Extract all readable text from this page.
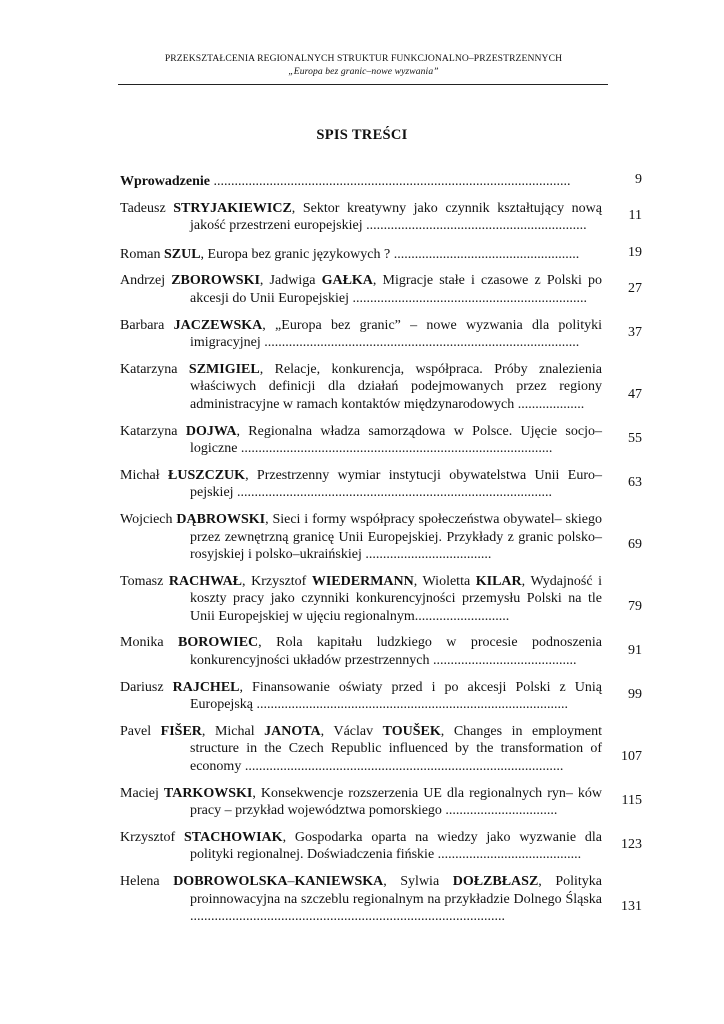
PRZEKSZTAŁCENIA REGIONALNYCH STRUKTUR FUNKCJONALNO–PRZESTRZENNYCH
„Europa bez granic–nowe wyzwania”
SPIS TREŚCI
Wprowadzenie ......................................................................................................	9
Tadeusz STRYJAKIEWICZ, Sektor kreatywny jako czynnik kształtujący nową jakość przestrzeni europejskiej ...............................................................
11
Roman SZUL, Europa bez granic językowych ? .....................................................	19
Andrzej ZBOROWSKI, Jadwiga GAŁKA, Migracje stałe i czasowe z Polski po akcesji do Unii Europejskiej ...................................................................
27
Barbara JACZEWSKA, „Europa bez granic” – nowe wyzwania dla polityki imigracyjnej ..........................................................................................
37
Katarzyna SZMIGIEL, Relacje, konkurencja, współpraca. Próby znalezienia właściwych definicji dla działań podejmowanych przez regiony administracyjne w ramach kontaktów międzynarodowych ...................
47
Katarzyna DOJWA, Regionalna władza samorządowa w Polsce. Ujęcie socjo– logiczne .........................................................................................
55
Michał ŁUSZCZUK, Przestrzenny wymiar instytucji obywatelstwa Unii Euro– pejskiej ..........................................................................................
63
Wojciech DĄBROWSKI, Sieci i formy współpracy społeczeństwa obywatel– skiego przez zewnętrzną granicę Unii Europejskiej. Przykłady z granic polsko–rosyjskiej i polsko–ukraińskiej ....................................
69
Tomasz RACHWAŁ, Krzysztof WIEDERMANN, Wioletta KILAR, Wydajność i koszty pracy jako czynniki konkurencyjności przemysłu Polski na tle Unii Europejskiej w ujęciu regionalnym...........................
79
Monika BOROWIEC, Rola kapitału ludzkiego w procesie podnoszenia konkurencyjności układów przestrzennych .........................................
91
Dariusz RAJCHEL, Finansowanie oświaty przed i po akcesji Polski z Unią Europejską .........................................................................................
99
Pavel FIŠER, Michal JANOTA, Václav TOUŠEK, Changes in employment structure in the Czech Republic influenced by the transformation of economy ...........................................................................................
107
Maciej TARKOWSKI, Konsekwencje rozszerzenia UE dla regionalnych ryn– ków pracy – przykład województwa pomorskiego ................................
115
Krzysztof STACHOWIAK, Gospodarka oparta na wiedzy jako wyzwanie dla polityki regionalnej. Doświadczenia fińskie .........................................
123
Helena DOBROWOLSKA–KANIEWSKA, Sylwia DOŁZBŁASZ, Polityka proinnowacyjna na szczeblu regionalnym na przykładzie Dolnego Śląska ..........................................................................................
131
